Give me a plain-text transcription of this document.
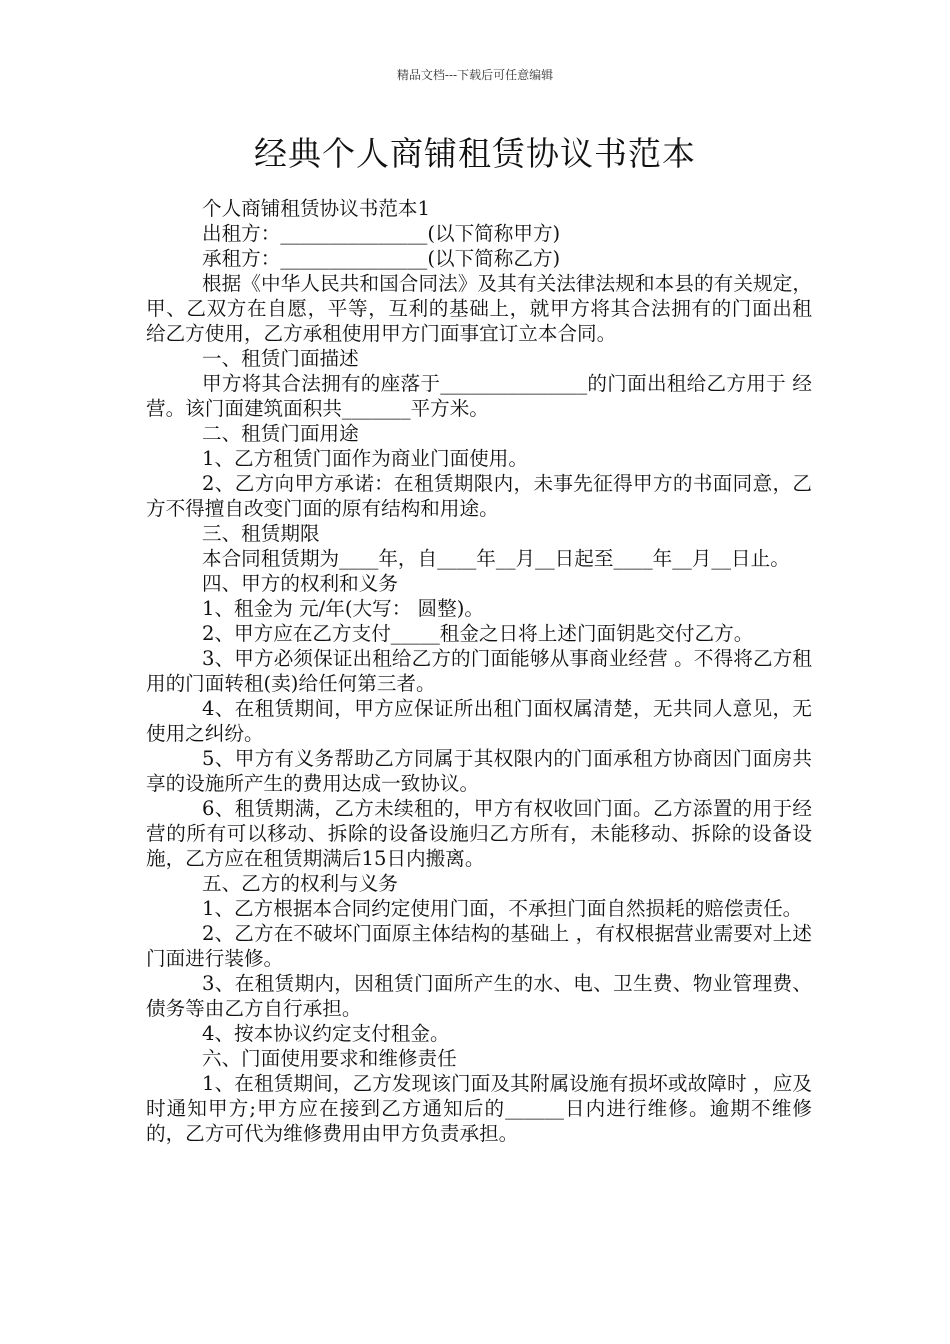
精品文档---下载后可任意编辑
经典个人商铺租赁协议书范本

个人商铺租赁协议书范本1

出租方：_______________(以下简称甲方)

承租方：_______________(以下简称乙方)

根据《中华人民共和国合同法》及其有关法律法规和本县的有关规定，甲、乙双方在自愿，平等，互利的基础上，就甲方将其合法拥有的门面出租给乙方使用，乙方承租使用甲方门面事宜订立本合同。

一、租赁门面描述

甲方将其合法拥有的座落于_______________的门面出租给乙方用于 经营。该门面建筑面积共_______平方米。

二、租赁门面用途

1、乙方租赁门面作为商业门面使用。

2、乙方向甲方承诺：在租赁期限内，未事先征得甲方的书面同意，乙方不得擅自改变门面的原有结构和用途。

三、租赁期限

本合同租赁期为____年，自____年__月__日起至____年__月__日止。

四、甲方的权利和义务

1、租金为 元/年(大写： 圆整)。

2、甲方应在乙方支付_____租金之日将上述门面钥匙交付乙方。

3、甲方必须保证出租给乙方的门面能够从事商业经营 。不得将乙方租用的门面转租(卖)给任何第三者。

4、在租赁期间，甲方应保证所出租门面权属清楚，无共同人意见，无使用之纠纷。

5、甲方有义务帮助乙方同属于其权限内的门面承租方协商因门面房共享的设施所产生的费用达成一致协议。

6、租赁期满，乙方未续租的，甲方有权收回门面。乙方添置的用于经营的所有可以移动、拆除的设备设施归乙方所有，未能移动、拆除的设备设施，乙方应在租赁期满后15日内搬离。

五、乙方的权利与义务

1、乙方根据本合同约定使用门面，不承担门面自然损耗的赔偿责任。

2、乙方在不破坏门面原主体结构的基础上 ，有权根据营业需要对上述门面进行装修。

3、在租赁期内，因租赁门面所产生的水、电、卫生费、物业管理费、债务等由乙方自行承担。

4、按本协议约定支付租金。

六、门面使用要求和维修责任

1、在租赁期间，乙方发现该门面及其附属设施有损坏或故障时 ，应及时通知甲方;甲方应在接到乙方通知后的______日内进行维修。逾期不维修的，乙方可代为维修费用由甲方负责承担。
